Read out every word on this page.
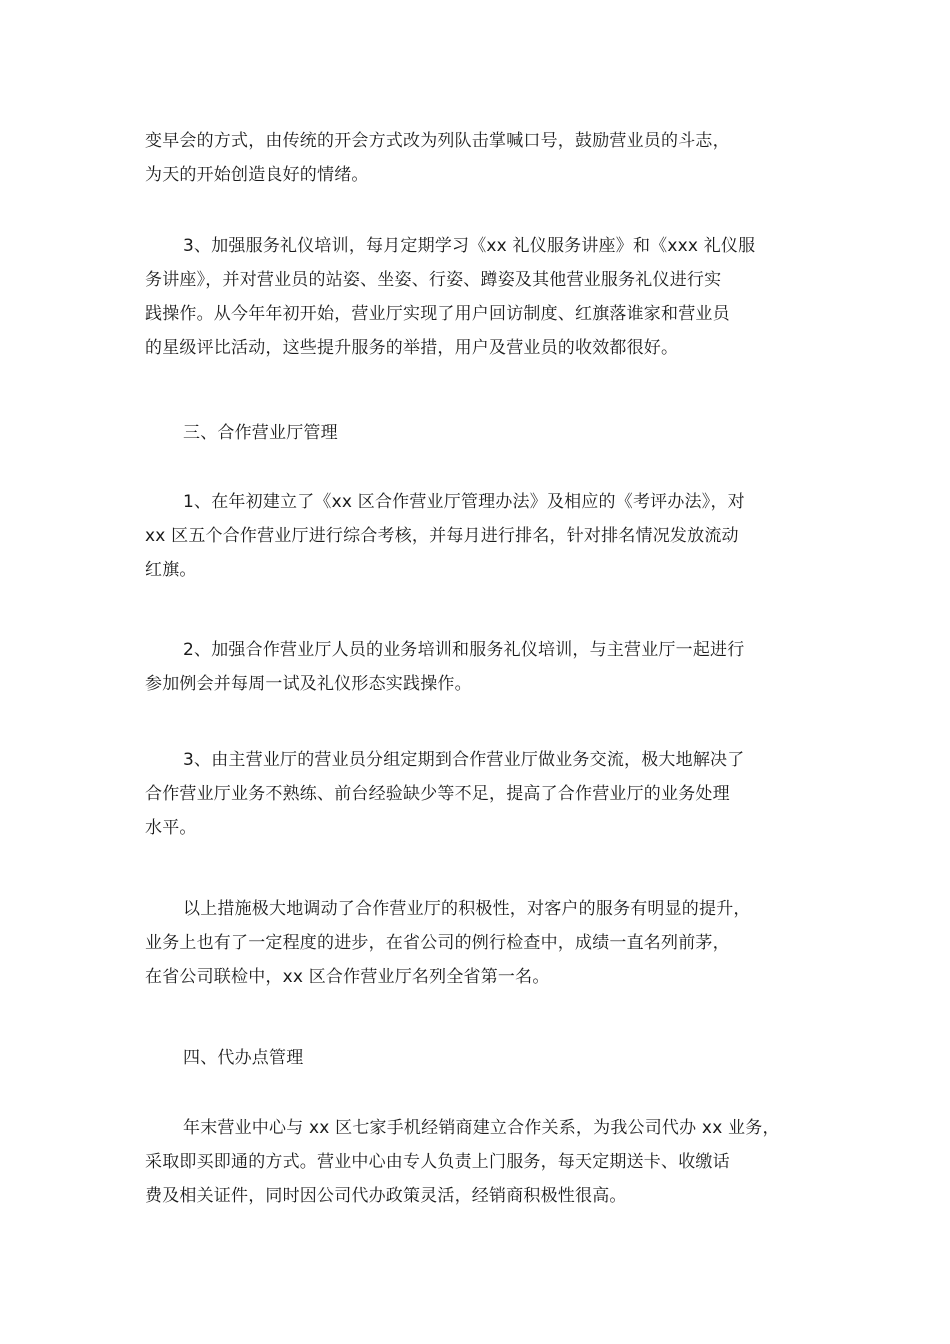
变早会的方式，由传统的开会方式改为列队击掌喊口号，鼓励营业员的斗志，
为天的开始创造良好的情绪。

3、加强服务礼仪培训，每月定期学习《xx 礼仪服务讲座》和《xxx 礼仪服
务讲座》，并对营业员的站姿、坐姿、行姿、蹲姿及其他营业服务礼仪进行实
践操作。从今年年初开始，营业厅实现了用户回访制度、红旗落谁家和营业员
的星级评比活动，这些提升服务的举措，用户及营业员的收效都很好。

三、合作营业厅管理

1、在年初建立了《xx 区合作营业厅管理办法》及相应的《考评办法》，对
xx 区五个合作营业厅进行综合考核，并每月进行排名，针对排名情况发放流动
红旗。

2、加强合作营业厅人员的业务培训和服务礼仪培训，与主营业厅一起进行
参加例会并每周一试及礼仪形态实践操作。

3、由主营业厅的营业员分组定期到合作营业厅做业务交流，极大地解决了
合作营业厅业务不熟练、前台经验缺少等不足，提高了合作营业厅的业务处理
水平。

以上措施极大地调动了合作营业厅的积极性，对客户的服务有明显的提升，
业务上也有了一定程度的进步，在省公司的例行检查中，成绩一直名列前茅，
在省公司联检中，xx 区合作营业厅名列全省第一名。

四、代办点管理

年末营业中心与 xx 区七家手机经销商建立合作关系，为我公司代办 xx 业务，
采取即买即通的方式。营业中心由专人负责上门服务，每天定期送卡、收缴话
费及相关证件，同时因公司代办政策灵活，经销商积极性很高。
